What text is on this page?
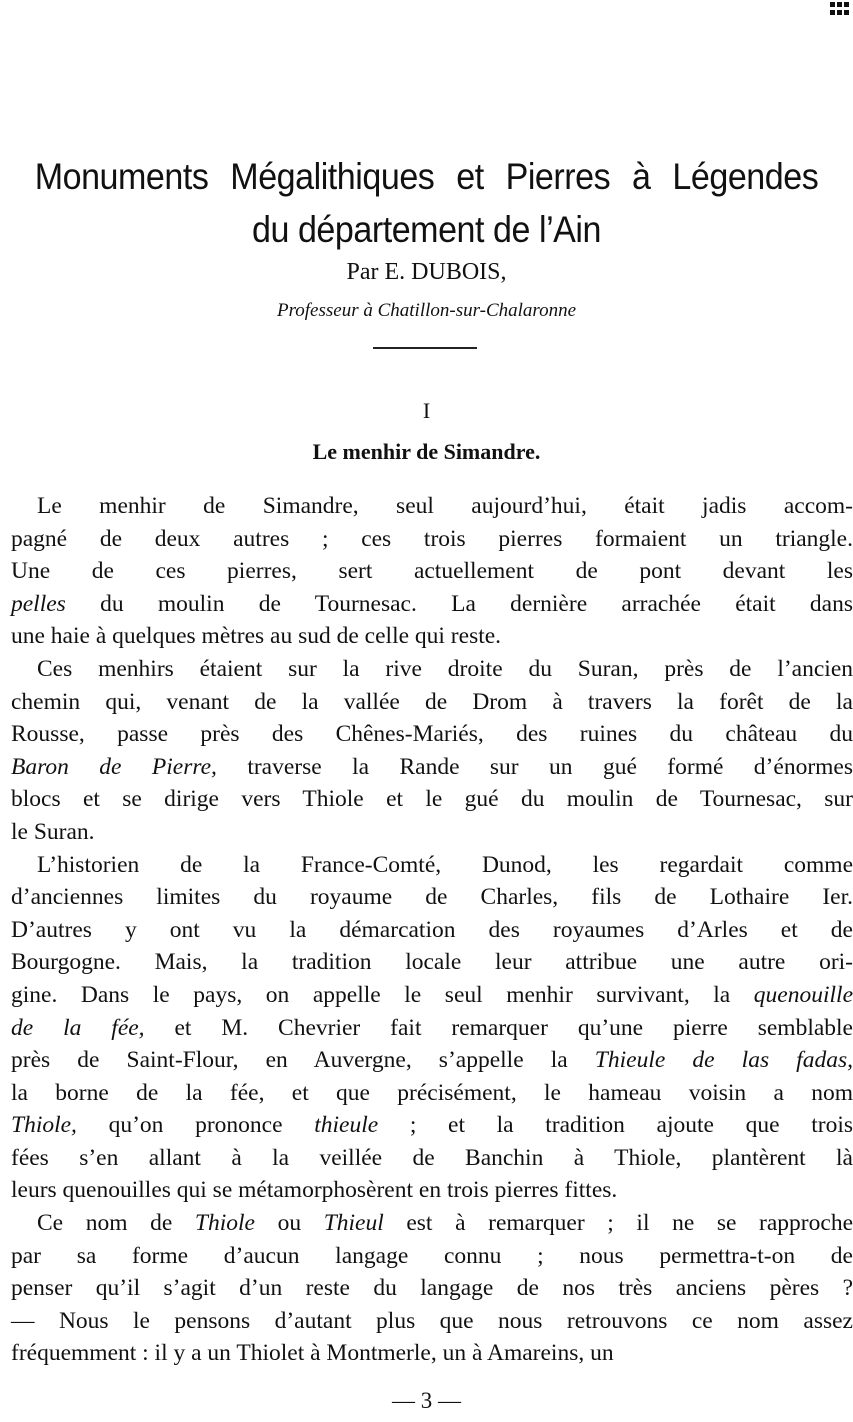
Monuments Mégalithiques et Pierres à Légendes
du département de l’Ain
Par E. DUBOIS,
Professeur à Chatillon-sur-Chalaronne
I
Le menhir de Simandre.
Le menhir de Simandre, seul aujourd’hui, était jadis accom-
pagné de deux autres ; ces trois pierres formaient un triangle.
Une de ces pierres, sert actuellement de pont devant les
pelles du moulin de Tournesac. La dernière arrachée était dans
une haie à quelques mètres au sud de celle qui reste.
Ces menhirs étaient sur la rive droite du Suran, près de l’ancien
chemin qui, venant de la vallée de Drom à travers la forêt de la
Rousse, passe près des Chênes-Mariés, des ruines du château du
Baron de Pierre, traverse la Rande sur un gué formé d’énormes
blocs et se dirige vers Thiole et le gué du moulin de Tournesac, sur
le Suran.
L’historien de la France-Comté, Dunod, les regardait comme
d’anciennes limites du royaume de Charles, fils de Lothaire Ier.
D’autres y ont vu la démarcation des royaumes d’Arles et de
Bourgogne. Mais, la tradition locale leur attribue une autre ori-
gine. Dans le pays, on appelle le seul menhir survivant, la quenouille
de la fée, et M. Chevrier fait remarquer qu’une pierre semblable
près de Saint-Flour, en Auvergne, s’appelle la Thieule de las fadas,
la borne de la fée, et que précisément, le hameau voisin a nom
Thiole, qu’on prononce thieule ; et la tradition ajoute que trois
fées s’en allant à la veillée de Banchin à Thiole, plantèrent là
leurs quenouilles qui se métamorphosèrent en trois pierres fittes.
Ce nom de Thiole ou Thieul est à remarquer ; il ne se rapproche
par sa forme d’aucun langage connu ; nous permettra-t-on de
penser qu’il s’agit d’un reste du langage de nos très anciens pères ?
— Nous le pensons d’autant plus que nous retrouvons ce nom assez
fréquemment : il y a un Thiolet à Montmerle, un à Amareins, un
— 3 —
